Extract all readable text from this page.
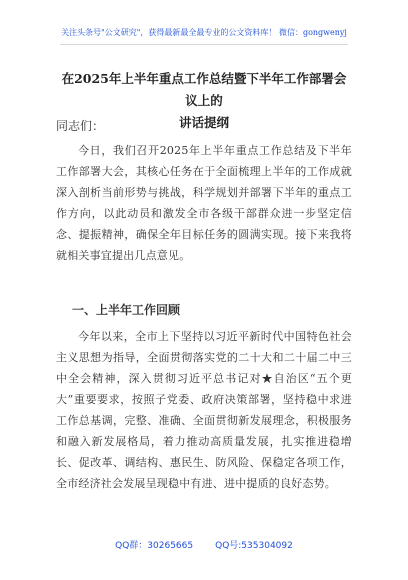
关注头条号"公文研究"，获得最新最全最专业的公文资料库！ 微信：gongwenyj
在2025年上半年重点工作总结暨下半年工作部署会议上的
讲话提纲
同志们：
今日，我们召开2025年上半年重点工作总结及下半年工作部署大会，其核心任务在于全面梳理上半年的工作成就深入剖析当前形势与挑战，科学规划并部署下半年的重点工作方向，以此动员和激发全市各级干部群众进一步坚定信念、提振精神，确保全年目标任务的圆满实现。接下来我将就相关事宜提出几点意见。
一、上半年工作回顾
今年以来，全市上下坚持以习近平新时代中国特色社会主义思想为指导，全面贯彻落实党的二十大和二十届二中三中全会精神，深入贯彻习近平总书记对★自治区“五个更大”重要要求，按照子党委、政府决策部署，坚持稳中求进工作总基调，完整、准确、全面贯彻新发展理念，积极服务和融入新发展格局，着力推动高质量发展，扎实推进稳增长、促改革、调结构、惠民生、防风险、保稳定各项工作，全市经济社会发展呈现稳中有进、进中提质的良好态势。
QQ群：30265665 QQ号:535304092
